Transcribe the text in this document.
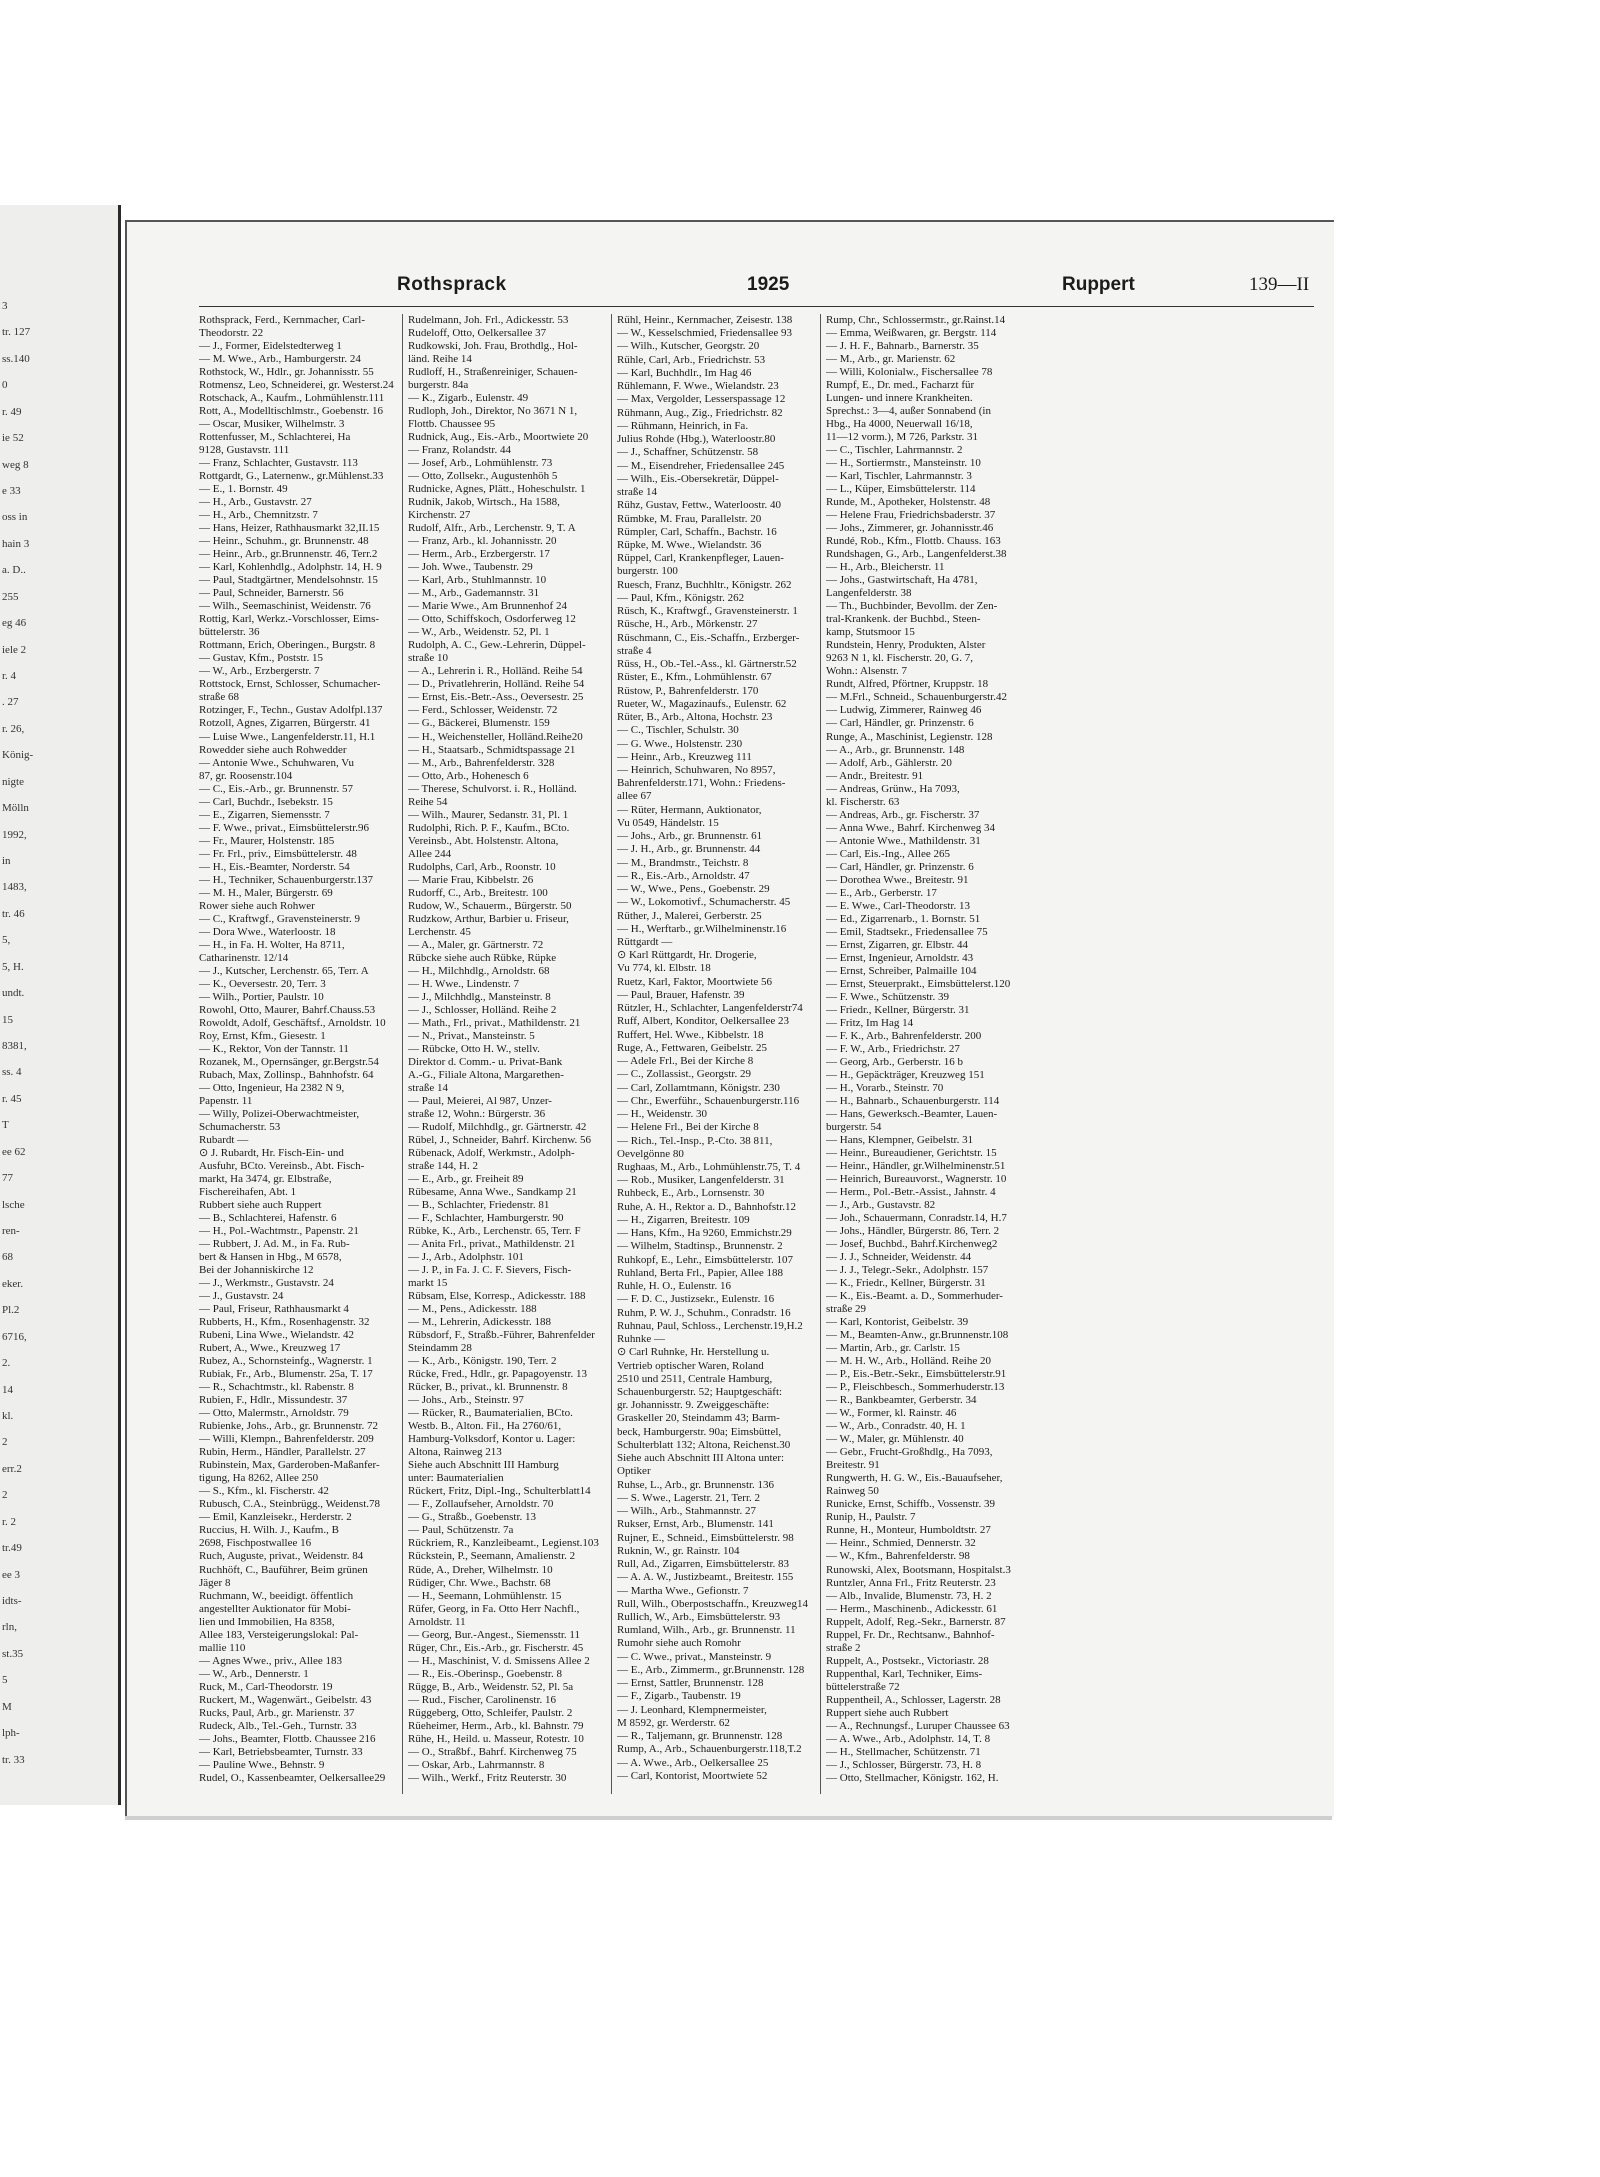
3
tr. 127
ss.140
0
r. 49
ie 52
weg 8
e 33
oss in
hain 3
a. D..
255
eg 46
iele 2
r. 4
. 27
r. 26,
König-
nigte
Mölln
1992,
in
1483,
tr. 46
5,
5, H.
undt.
15
8381,
ss. 4
r. 45
T
ee 62
77
lsche
ren-
68
eker.
Pl.2
6716,
2.
14
kl.
2
err.2
2
r. 2
tr.49
ee 3
idts-
rln,
st.35
5
M
lph-
tr. 33
Rothsprack	1925	Ruppert	139—II
Rothsprack, Ferd., Kernmacher, Carl-
Theodorstr. 22
— J., Former, Eidelstedterweg 1
— M. Wwe., Arb., Hamburgerstr. 24
Rothstock, W., Hdlr., gr. Johannisstr. 55
Rotmensz, Leo, Schneiderei, gr. Westerst.24
Rotschack, A., Kaufm., Lohmühlenstr.111
Rott, A., Modelltischlmstr., Goebenstr. 16
— Oscar, Musiker, Wilhelmstr. 3
Rottenfusser, M., Schlachterei, Ha
9128, Gustavstr. 111
— Franz, Schlachter, Gustavstr. 113
Rottgardt, G., Laternenw., gr.Mühlenst.33
— E., 1. Bornstr. 49
— H., Arb., Gustavstr. 27
— H., Arb., Chemnitzstr. 7
— Hans, Heizer, Rathhausmarkt 32,II.15
— Heinr., Schuhm., gr. Brunnenstr. 48
— Heinr., Arb., gr.Brunnenstr. 46, Terr.2
— Karl, Kohlenhdlg., Adolphstr. 14, H. 9
— Paul, Stadtgärtner, Mendelsohnstr. 15
— Paul, Schneider, Barnerstr. 56
— Wilh., Seemaschinist, Weidenstr. 76
Rottig, Karl, Werkz.-Vorschlosser, Eims-
büttelerstr. 36
Rottmann, Erich, Oberingen., Burgstr. 8
— Gustav, Kfm., Poststr. 15
— W., Arb., Erzbergerstr. 7
Rottstock, Ernst, Schlosser, Schumacher-
straße 68
Rotzinger, F., Techn., Gustav Adolfpl.137
Rotzoll, Agnes, Zigarren, Bürgerstr. 41
— Luise Wwe., Langenfelderstr.11, H.1
Rowedder siehe auch Rohwedder
— Antonie Wwe., Schuhwaren, Vu
87, gr. Roosenstr.104
— C., Eis.-Arb., gr. Brunnenstr. 57
— Carl, Buchdr., Isebekstr. 15
— E., Zigarren, Siemensstr. 7
— F. Wwe., privat., Eimsbüttelerstr.96
— Fr., Maurer, Holstenstr. 185
— Fr. Frl., priv., Eimsbüttelerstr. 48
— H., Eis.-Beamter, Norderstr. 54
— H., Techniker, Schauenburgerstr.137
— M. H., Maler, Bürgerstr. 69
Rower siehe auch Rohwer
— C., Kraftwgf., Gravensteinerstr. 9
— Dora Wwe., Waterloostr. 18
— H., in Fa. H. Wolter, Ha 8711,
Catharinenstr. 12/14
— J., Kutscher, Lerchenstr. 65, Terr. A
— K., Oeversestr. 20, Terr. 3
— Wilh., Portier, Paulstr. 10
Rowohl, Otto, Maurer, Bahrf.Chauss.53
Rowoldt, Adolf, Geschäftsf., Arnoldstr. 10
Roy, Ernst, Kfm., Giesestr. 1
— K., Rektor, Von der Tannstr. 11
Rozanek, M., Opernsänger, gr.Bergstr.54
Rubach, Max, Zollinsp., Bahnhofstr. 64
— Otto, Ingenieur, Ha 2382 N 9,
Papenstr. 11
— Willy, Polizei-Oberwachtmeister,
Schumacherstr. 53
Rubardt —
⊙ J. Rubardt, Hr. Fisch-Ein- und
Ausfuhr, BCto. Vereinsb., Abt. Fisch-
markt, Ha 3474, gr. Elbstraße,
Fischereihafen, Abt. 1
Rubbert siehe auch Ruppert
— B., Schlachterei, Hafenstr. 6
— H., Pol.-Wachtmstr., Papenstr. 21
— Rubbert, J. Ad. M., in Fa. Rub-
bert & Hansen in Hbg., M 6578,
Bei der Johanniskirche 12
— J., Werkmstr., Gustavstr. 24
— J., Gustavstr. 24
— Paul, Friseur, Rathhausmarkt 4
Rubberts, H., Kfm., Rosenhagenstr. 32
Rubeni, Lina Wwe., Wielandstr. 42
Rubert, A., Wwe., Kreuzweg 17
Rubez, A., Schornsteinfg., Wagnerstr. 1
Rubiak, Fr., Arb., Blumenstr. 25a, T. 17
— R., Schachtmstr., kl. Rabenstr. 8
Rubien, F., Hdlr., Missundestr. 37
— Otto, Malermstr., Arnoldstr. 79
Rubienke, Johs., Arb., gr. Brunnenstr. 72
— Willi, Klempn., Bahrenfelderstr. 209
Rubin, Herm., Händler, Parallelstr. 27
Rubinstein, Max, Garderoben-Maßanfer-
tigung, Ha 8262, Allee 250
— S., Kfm., kl. Fischerstr. 42
Rubusch, C.A., Steinbrügg., Weidenst.78
— Emil, Kanzleisekr., Herderstr. 2
Ruccius, H. Wilh. J., Kaufm., B
2698, Fischpostwallee 16
Ruch, Auguste, privat., Weidenstr. 84
Ruchhöft, C., Bauführer, Beim grünen
Jäger 8
Ruchmann, W., beeidigt. öffentlich
angestellter Auktionator für Mobi-
lien und Immobilien, Ha 8358,
Allee 183, Versteigerungslokal: Pal-
mallie 110
— Agnes Wwe., priv., Allee 183
— W., Arb., Dennerstr. 1
Ruck, M., Carl-Theodorstr. 19
Ruckert, M., Wagenwärt., Geibelstr. 43
Rucks, Paul, Arb., gr. Marienstr. 37
Rudeck, Alb., Tel.-Geh., Turnstr. 33
— Johs., Beamter, Flottb. Chaussee 216
— Karl, Betriebsbeamter, Turnstr. 33
— Pauline Wwe., Behnstr. 9
Rudel, O., Kassenbeamter, Oelkersallee29
Rudelmann, Joh. Frl., Adickesstr. 53
Rudeloff, Otto, Oelkersallee 37
Rudkowski, Joh. Frau, Brothdlg., Hol-
länd. Reihe 14
Rudloff, H., Straßenreiniger, Schauen-
burgerstr. 84a
— K., Zigarb., Eulenstr. 49
Rudloph, Joh., Direktor, No 3671 N 1,
Flottb. Chaussee 95
Rudnick, Aug., Eis.-Arb., Moortwiete 20
— Franz, Rolandstr. 44
— Josef, Arb., Lohmühlenstr. 73
— Otto, Zollsekr., Augustenhöh 5
Rudnicke, Agnes, Plätt., Hoheschulstr. 1
Rudnik, Jakob, Wirtsch., Ha 1588,
Kirchenstr. 27
Rudolf, Alfr., Arb., Lerchenstr. 9, T. A
— Franz, Arb., kl. Johannisstr. 20
— Herm., Arb., Erzbergerstr. 17
— Joh. Wwe., Taubenstr. 29
— Karl, Arb., Stuhlmannstr. 10
— M., Arb., Gademannstr. 31
— Marie Wwe., Am Brunnenhof 24
— Otto, Schiffskoch, Osdorferweg 12
— W., Arb., Weidenstr. 52, Pl. 1
Rudolph, A. C., Gew.-Lehrerin, Düppel-
straße 10
— A., Lehrerin i. R., Holländ. Reihe 54
— D., Privatlehrerin, Holländ. Reihe 54
— Ernst, Eis.-Betr.-Ass., Oeversestr. 25
— Ferd., Schlosser, Weidenstr. 72
— G., Bäckerei, Blumenstr. 159
— H., Weichensteller, Holländ.Reihe20
— H., Staatsarb., Schmidtspassage 21
— M., Arb., Bahrenfelderstr. 328
— Otto, Arb., Hohenesch 6
— Therese, Schulvorst. i. R., Holländ.
Reihe 54
— Wilh., Maurer, Sedanstr. 31, Pl. 1
Rudolphi, Rich. P. F., Kaufm., BCto.
Vereinsb., Abt. Holstenstr. Altona,
Allee 244
Rudolphs, Carl, Arb., Roonstr. 10
— Marie Frau, Kibbelstr. 26
Rudorff, C., Arb., Breitestr. 100
Rudow, W., Schauerm., Bürgerstr. 50
Rudzkow, Arthur, Barbier u. Friseur,
Lerchenstr. 45
— A., Maler, gr. Gärtnerstr. 72
Rübcke siehe auch Rübke, Rüpke
— H., Milchhdlg., Arnoldstr. 68
— H. Wwe., Lindenstr. 7
— J., Milchhdlg., Mansteinstr. 8
— J., Schlosser, Holländ. Reihe 2
— Math., Frl., privat., Mathildenstr. 21
— N., Privat., Mansteinstr. 5
— Rübcke, Otto H. W., stellv.
Direktor d. Comm.- u. Privat-Bank
A.-G., Filiale Altona, Margarethen-
straße 14
— Paul, Meierei, Al 987, Unzer-
straße 12, Wohn.: Bürgerstr. 36
— Rudolf, Milchhdlg., gr. Gärtnerstr. 42
Rübel, J., Schneider, Bahrf. Kirchenw. 56
Rübenack, Adolf, Werkmstr., Adolph-
straße 144, H. 2
— E., Arb., gr. Freiheit 89
Rübesame, Anna Wwe., Sandkamp 21
— B., Schlachter, Friedenstr. 81
— F., Schlachter, Hamburgerstr. 90
Rübke, K., Arb., Lerchenstr. 65, Terr. F
— Anita Frl., privat., Mathildenstr. 21
— J., Arb., Adolphstr. 101
— J. P., in Fa. J. C. F. Sievers, Fisch-
markt 15
Rübsam, Else, Korresp., Adickesstr. 188
— M., Pens., Adickesstr. 188
— M., Lehrerin, Adickesstr. 188
Rübsdorf, F., Straßb.-Führer, Bahrenfelder
Steindamm 28
— K., Arb., Königstr. 190, Terr. 2
Rücke, Fred., Hdlr., gr. Papagoyenstr. 13
Rücker, B., privat., kl. Brunnenstr. 8
— Johs., Arb., Steinstr. 97
— Rücker, R., Baumaterialien, BCto.
Westb. B., Alton. Fil., Ha 2760/61,
Hamburg-Volksdorf, Kontor u. Lager:
Altona, Rainweg 213
Siehe auch Abschnitt III Hamburg
unter: Baumaterialien
Rückert, Fritz, Dipl.-Ing., Schulterblatt14
— F., Zollaufseher, Arnoldstr. 70
— G., Straßb., Goebenstr. 13
— Paul, Schützenstr. 7a
Rückriem, R., Kanzleibeamt., Legienst.103
Rückstein, P., Seemann, Amalienstr. 2
Rüde, A., Dreher, Wilhelmstr. 10
Rüdiger, Chr. Wwe., Bachstr. 68
— H., Seemann, Lohmühlenstr. 15
Rüfer, Georg, in Fa. Otto Herr Nachfl.,
Arnoldstr. 11
— Georg, Bur.-Angest., Siemensstr. 11
Rüger, Chr., Eis.-Arb., gr. Fischerstr. 45
— H., Maschinist, V. d. Smissens Allee 2
— R., Eis.-Oberinsp., Goebenstr. 8
Rügge, B., Arb., Weidenstr. 52, Pl. 5a
— Rud., Fischer, Carolinenstr. 16
Rüggeberg, Otto, Schleifer, Paulstr. 2
Rüeheimer, Herm., Arb., kl. Bahnstr. 79
Rühe, H., Heild. u. Masseur, Rotestr. 10
— O., Straßbf., Bahrf. Kirchenweg 75
— Oskar, Arb., Lahrmannstr. 8
— Wilh., Werkf., Fritz Reuterstr. 30
Rühl, Heinr., Kernmacher, Zeisestr. 138
— W., Kesselschmied, Friedensallee 93
— Wilh., Kutscher, Georgstr. 20
Rühle, Carl, Arb., Friedrichstr. 53
— Karl, Buchhdlr., Im Hag 46
Rühlemann, F. Wwe., Wielandstr. 23
— Max, Vergolder, Lesserspassage 12
Rühmann, Aug., Zig., Friedrichstr. 82
— Rühmann, Heinrich, in Fa.
Julius Rohde (Hbg.), Waterloostr.80
— J., Schaffner, Schützenstr. 58
— M., Eisendreher, Friedensallee 245
— Wilh., Eis.-Obersekretär, Düppel-
straße 14
Rühz, Gustav, Fettw., Waterloostr. 40
Rümbke, M. Frau, Parallelstr. 20
Rümpler, Carl, Schaffn., Bachstr. 16
Rüpke, M. Wwe., Wielandstr. 36
Rüppel, Carl, Krankenpfleger, Lauen-
burgerstr. 100
Ruesch, Franz, Buchhltr., Königstr. 262
— Paul, Kfm., Königstr. 262
Rüsch, K., Kraftwgf., Gravensteinerstr. 1
Rüsche, H., Arb., Mörkenstr. 27
Rüschmann, C., Eis.-Schaffn., Erzberger-
straße 4
Rüss, H., Ob.-Tel.-Ass., kl. Gärtnerstr.52
Rüster, E., Kfm., Lohmühlenstr. 67
Rüstow, P., Bahrenfelderstr. 170
Rueter, W., Magazinaufs., Eulenstr. 62
Rüter, B., Arb., Altona, Hochstr. 23
— C., Tischler, Schulstr. 30
— G. Wwe., Holstenstr. 230
— Heinr., Arb., Kreuzweg 111
— Heinrich, Schuhwaren, No 8957,
Bahrenfelderstr.171, Wohn.: Friedens-
allee 67
— Rüter, Hermann, Auktionator,
Vu 0549, Händelstr. 15
— Johs., Arb., gr. Brunnenstr. 61
— J. H., Arb., gr. Brunnenstr. 44
— M., Brandmstr., Teichstr. 8
— R., Eis.-Arb., Arnoldstr. 47
— W., Wwe., Pens., Goebenstr. 29
— W., Lokomotivf., Schumacherstr. 45
Rüther, J., Malerei, Gerberstr. 25
— H., Werftarb., gr.Wilhelminenstr.16
Rüttgardt —
⊙ Karl Rüttgardt, Hr. Drogerie,
Vu 774, kl. Elbstr. 18
Ruetz, Karl, Faktor, Moortwiete 56
— Paul, Brauer, Hafenstr. 39
Rützler, H., Schlachter, Langenfelderstr74
Ruff, Albert, Konditor, Oelkersallee 23
Ruffert, Hel. Wwe., Kibbelstr. 18
Ruge, A., Fettwaren, Geibelstr. 25
— Adele Frl., Bei der Kirche 8
— C., Zollassist., Georgstr. 29
— Carl, Zollamtmann, Königstr. 230
— Chr., Ewerführ., Schauenburgerstr.116
— H., Weidenstr. 30
— Helene Frl., Bei der Kirche 8
— Rich., Tel.-Insp., P.-Cto. 38 811,
Oevelgönne 80
Rughaas, M., Arb., Lohmühlenstr.75, T. 4
— Rob., Musiker, Langenfelderstr. 31
Ruhbeck, E., Arb., Lornsenstr. 30
Ruhe, A. H., Rektor a. D., Bahnhofstr.12
— H., Zigarren, Breitestr. 109
— Hans, Kfm., Ha 9260, Emmichstr.29
— Wilhelm, Stadtinsp., Brunnenstr. 2
Ruhkopf, E., Lehr., Eimsbüttelerstr. 107
Ruhland, Berta Frl., Papier, Allee 188
Ruhle, H. O., Eulenstr. 16
— F. D. C., Justizsekr., Eulenstr. 16
Ruhm, P. W. J., Schuhm., Conradstr. 16
Ruhnau, Paul, Schloss., Lerchenstr.19,H.2
Ruhnke —
⊙ Carl Ruhnke, Hr. Herstellung u.
Vertrieb optischer Waren, Roland
2510 und 2511, Centrale Hamburg,
Schauenburgerstr. 52; Hauptgeschäft:
gr. Johannisstr. 9. Zweiggeschäfte:
Graskeller 20, Steindamm 43; Barm-
beck, Hamburgerstr. 90a; Eimsbüttel,
Schulterblatt 132; Altona, Reichenst.30
Siehe auch Abschnitt III Altona unter:
Optiker
Ruhse, L., Arb., gr. Brunnenstr. 136
— S. Wwe., Lagerstr. 21, Terr. 2
— Wilh., Arb., Stahmannstr. 27
Rukser, Ernst, Arb., Blumenstr. 141
Rujner, E., Schneid., Eimsbüttelerstr. 98
Ruknin, W., gr. Rainstr. 104
Rull, Ad., Zigarren, Eimsbüttelerstr. 83
— A. A. W., Justizbeamt., Breitestr. 155
— Martha Wwe., Gefionstr. 7
Rull, Wilh., Oberpostschaffn., Kreuzweg14
Rullich, W., Arb., Eimsbüttelerstr. 93
Rumland, Wilh., Arb., gr. Brunnenstr. 11
Rumohr siehe auch Romohr
— C. Wwe., privat., Mansteinstr. 9
— E., Arb., Zimmerm., gr.Brunnenstr. 128
— Ernst, Sattler, Brunnenstr. 128
— F., Zigarb., Taubenstr. 19
— J. Leonhard, Klempnermeister,
M 8592, gr. Werderstr. 62
— R., Taljemann, gr. Brunnenstr. 128
Rump, A., Arb., Schauenburgerstr.118,T.2
— A. Wwe., Arb., Oelkersallee 25
— Carl, Kontorist, Moortwiete 52
Rump, Chr., Schlossermstr., gr.Rainst.14
— Emma, Weißwaren, gr. Bergstr. 114
— J. H. F., Bahnarb., Barnerstr. 35
— M., Arb., gr. Marienstr. 62
— Willi, Kolonialw., Fischersallee 78
Rumpf, E., Dr. med., Facharzt für
Lungen- und innere Krankheiten.
Sprechst.: 3—4, außer Sonnabend (in
Hbg., Ha 4000, Neuerwall 16/18,
11—12 vorm.), M 726, Parkstr. 31
— C., Tischler, Lahrmannstr. 2
— H., Sortiermstr., Mansteinstr. 10
— Karl, Tischler, Lahrmannstr. 3
— L., Küper, Eimsbüttelerstr. 114
Runde, M., Apotheker, Holstenstr. 48
— Helene Frau, Friedrichsbaderstr. 37
— Johs., Zimmerer, gr. Johannisstr.46
Rundé, Rob., Kfm., Flottb. Chauss. 163
Rundshagen, G., Arb., Langenfelderst.38
— H., Arb., Bleicherstr. 11
— Johs., Gastwirtschaft, Ha 4781,
Langenfelderstr. 38
— Th., Buchbinder, Bevollm. der Zen-
tral-Krankenk. der Buchbd., Steen-
kamp, Stutsmoor 15
Rundstein, Henry, Produkten, Alster
9263 N 1, kl. Fischerstr. 20, G. 7,
Wohn.: Alsenstr. 7
Rundt, Alfred, Pförtner, Kruppstr. 18
— M.Frl., Schneid., Schauenburgerstr.42
— Ludwig, Zimmerer, Rainweg 46
— Carl, Händler, gr. Prinzenstr. 6
Runge, A., Maschinist, Legienstr. 128
— A., Arb., gr. Brunnenstr. 148
— Adolf, Arb., Gählerstr. 20
— Andr., Breitestr. 91
— Andreas, Grünw., Ha 7093,
kl. Fischerstr. 63
— Andreas, Arb., gr. Fischerstr. 37
— Anna Wwe., Bahrf. Kirchenweg 34
— Antonie Wwe., Mathildenstr. 31
— Carl, Eis.-Ing., Allee 265
— Carl, Händler, gr. Prinzenstr. 6
— Dorothea Wwe., Breitestr. 91
— E., Arb., Gerberstr. 17
— E. Wwe., Carl-Theodorstr. 13
— Ed., Zigarrenarb., 1. Bornstr. 51
— Emil, Stadtsekr., Friedensallee 75
— Ernst, Zigarren, gr. Elbstr. 44
— Ernst, Ingenieur, Arnoldstr. 43
— Ernst, Schreiber, Palmaille 104
— Ernst, Steuerprakt., Eimsbüttelerst.120
— F. Wwe., Schützenstr. 39
— Friedr., Kellner, Bürgerstr. 31
— Fritz, Im Hag 14
— F. K., Arb., Bahrenfelderstr. 200
— F. W., Arb., Friedrichstr. 27
— Georg, Arb., Gerberstr. 16 b
— H., Gepäckträger, Kreuzweg 151
— H., Vorarb., Steinstr. 70
— H., Bahnarb., Schauenburgerstr. 114
— Hans, Gewerksch.-Beamter, Lauen-
burgerstr. 54
— Hans, Klempner, Geibelstr. 31
— Heinr., Bureaudiener, Gerichtstr. 15
— Heinr., Händler, gr.Wilhelminenstr.51
— Heinrich, Bureauvorst., Wagnerstr. 10
— Herm., Pol.-Betr.-Assist., Jahnstr. 4
— J., Arb., Gustavstr. 82
— Joh., Schauermann, Conradstr.14, H.7
— Johs., Händler, Bürgerstr. 86, Terr. 2
— Josef, Buchbd., Bahrf.Kirchenweg2
— J. J., Schneider, Weidenstr. 44
— J. J., Telegr.-Sekr., Adolphstr. 157
— K., Friedr., Kellner, Bürgerstr. 31
— K., Eis.-Beamt. a. D., Sommerhuder-
straße 29
— Karl, Kontorist, Geibelstr. 39
— M., Beamten-Anw., gr.Brunnenstr.108
— Martin, Arb., gr. Carlstr. 15
— M. H. W., Arb., Holländ. Reihe 20
— P., Eis.-Betr.-Sekr., Eimsbüttelerstr.91
— P., Fleischbesch., Sommerhuderstr.13
— R., Bankbeamter, Gerberstr. 34
— W., Former, kl. Rainstr. 46
— W., Arb., Conradstr. 40, H. 1
— W., Maler, gr. Mühlenstr. 40
— Gebr., Frucht-Großhdlg., Ha 7093,
Breitestr. 91
Rungwerth, H. G. W., Eis.-Bauaufseher,
Rainweg 50
Runicke, Ernst, Schiffb., Vossenstr. 39
Runip, H., Paulstr. 7
Runne, H., Monteur, Humboldtstr. 27
— Heinr., Schmied, Dennerstr. 32
— W., Kfm., Bahrenfelderstr. 98
Runowski, Alex, Bootsmann, Hospitalst.3
Runtzler, Anna Frl., Fritz Reuterstr. 23
— Alb., Invalide, Blumenstr. 73, H. 2
— Herm., Maschinenb., Adickesstr. 61
Ruppelt, Adolf, Reg.-Sekr., Barnerstr. 87
Ruppel, Fr. Dr., Rechtsanw., Bahnhof-
straße 2
Ruppelt, A., Postsekr., Victoriastr. 28
Ruppenthal, Karl, Techniker, Eims-
büttelerstraße 72
Ruppentheil, A., Schlosser, Lagerstr. 28
Ruppert siehe auch Rubbert
— A., Rechnungsf., Luruper Chaussee 63
— A. Wwe., Arb., Adolphstr. 14, T. 8
— H., Stellmacher, Schützenstr. 71
— J., Schlosser, Bürgerstr. 73, H. 8
— Otto, Stellmacher, Königstr. 162, H.
